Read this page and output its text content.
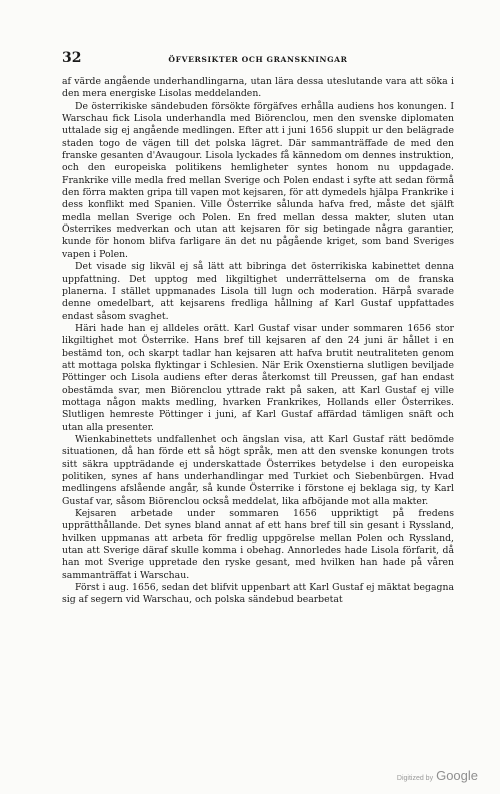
32	ÖFVERSIKTER OCH GRANSKNINGAR

af värde angående underhandlingarna, utan lära dessa uteslutande vara att söka i den mera energiske Lisolas meddelanden.

De österrikiske sändebuden försökte förgäfves erhålla audiens hos konungen. I Warschau fick Lisola underhandla med Biörenclou, men den svenske diplomaten uttalade sig ej angående medlingen. Efter att i juni 1656 sluppit ur den belägrade staden togo de vägen till det polska lägret. Där sammanträffade de med den franske gesanten d'Avaugour. Lisola lyckades få kännedom om dennes instruktion, och den europeiska politikens hemligheter syntes honom nu uppdagade. Frankrike ville medla fred mellan Sverige och Polen endast i syfte att sedan förmå den förra makten gripa till vapen mot kejsaren, för att dymedels hjälpa Frankrike i dess konflikt med Spanien. Ville Österrike sålunda hafva fred, måste det själft medla mellan Sverige och Polen. En fred mellan dessa makter, sluten utan Österrikes medverkan och utan att kejsaren för sig betingade några garantier, kunde för honom blifva farligare än det nu pågående kriget, som band Sveriges vapen i Polen.

Det visade sig likväl ej så lätt att bibringa det österrikiska kabinettet denna uppfattning. Det upptog med likgiltighet underrättelserna om de franska planerna. I stället uppmanades Lisola till lugn och moderation. Härpå svarade denne omedelbart, att kejsarens fredliga hållning af Karl Gustaf uppfattades endast såsom svaghet.

Häri hade han ej alldeles orätt. Karl Gustaf visar under sommaren 1656 stor likgiltighet mot Österrike. Hans bref till kejsaren af den 24 juni är hållet i en bestämd ton, och skarpt tadlar han kejsaren att hafva brutit neutraliteten genom att mottaga polska flyktingar i Schlesien. När Erik Oxenstierna slutligen beviljade Pöttinger och Lisola audiens efter deras återkomst till Preussen, gaf han endast obestämda svar, men Biörenclou yttrade rakt på saken, att Karl Gustaf ej ville mottaga någon makts medling, hvarken Frankrikes, Hollands eller Österrikes. Slutligen hemreste Pöttinger i juni, af Karl Gustaf affärdad tämligen snäft och utan alla presenter.

Wienkabinettets undfallenhet och ängslan visa, att Karl Gustaf rätt bedömde situationen, då han förde ett så högt språk, men att den svenske konungen trots sitt säkra uppträdande ej underskattade Österrikes betydelse i den europeiska politiken, synes af hans underhandlingar med Turkiet och Siebenbürgen. Hvad medlingens afslående angår, så kunde Österrike i förstone ej beklaga sig, ty Karl Gustaf var, såsom Biörenclou också meddelat, lika afböjande mot alla makter.

Kejsaren arbetade under sommaren 1656 uppriktigt på fredens upprätthållande. Det synes bland annat af ett hans bref till sin gesant i Ryssland, hvilken uppmanas att arbeta för fredlig uppgörelse mellan Polen och Ryssland, utan att Sverige däraf skulle komma i obehag. Annorledes hade Lisola förfarit, då han mot Sverige uppretade den ryske gesant, med hvilken han hade på våren sammanträffat i Warschau.

Först i aug. 1656, sedan det blifvit uppenbart att Karl Gustaf ej mäktat begagna sig af segern vid Warschau, och polska sändebud bearbetat

Digitized by Google
